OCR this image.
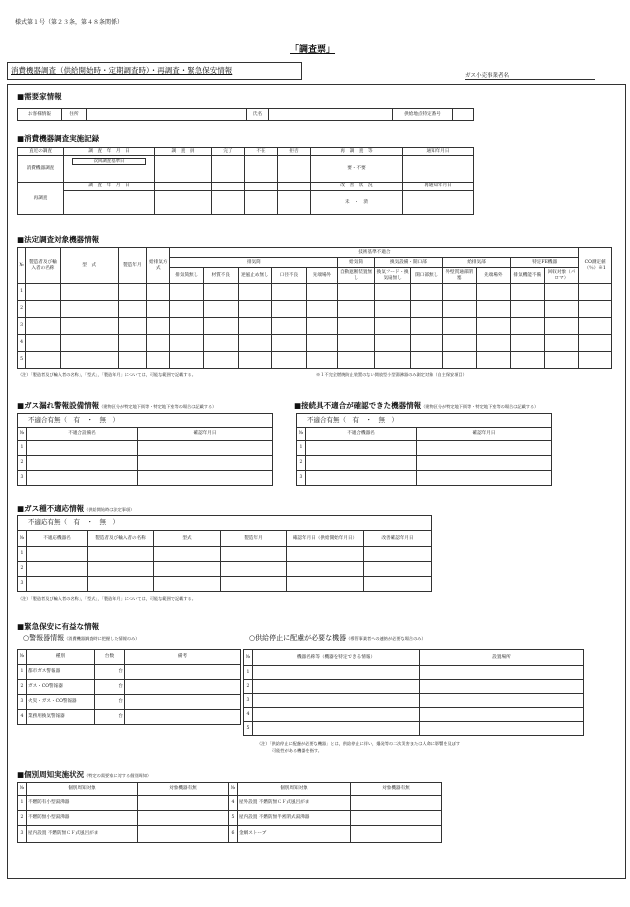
様式第１号（第２３条，第４８条関係）
「調査票」
消費機器調査（供給開始時・定期調査時）・再調査・緊急保安情報
ガス小売事業者名
■需要家情報
お客様情報	住所		氏名		供給地点特定番号	
■消費機器調査実施記録
直近の調査	調　査　年　月　日	調　査　員	完了	不在	拒否	再　調　査　等	通知年月日
消費機器調査	次回調査基準日					要・不要	
再調査	調　査　年　月　日					改　善　状　況	再通知年月日
						未　・　済	
■法定調査対象機器情報
№	製造者及び輸入者の名称	型　式	製造年月	給排気方式	技術基準不適合												CO測定値（％）※1
					排気筒					給気筒	換気設備・開口部		給排気部		特定FE機器		
					排気筒無し	材質不良	逆風止め無し	口径不良	先端場外	自動遮断装置無し	換気フード・換気扇無し	開口部無し	外壁貫通部閉塞	先端場外	排気機能不備	回収対象（パロマ）	
1																	
2																	
3																	
4																	
5																	
（注）「製造者及び輸入者の名称」，「型式」，「製造年月」については，可能な範囲で記載する。	※１不完全燃焼防止装置のない開放型小型湯沸器のみ測定対象（自主保安項目）
■ガス漏れ警報設備情報（建物区分が特定地下街等・特定地下室等の場合は記載する）
不適合有無（　有　・　無　）		
№	不適合設備名	確認年月日
1		
2		
3		
■接続具不適合が確認できた機器情報（建物区分が特定地下街等・特定地下室等の場合は記載する）
不適合有無（　有　・　無　）		
№	不適合機器名	確認年月日
1		
2		
3		
■ガス種不適応情報（供給開始時は法定事項）
不適応有無（　有　・　無　）						
№	不適応機器名	製造者及び輸入者の名称	型式	製造年月	確認年月日（供給開始年月日）	改善確認年月日
1						
2						
3						
（注）「製造者及び輸入者の名称」，「型式」，「製造年月」については，可能な範囲で記載する。
■緊急保安に有益な情報
○警報器情報（消費機器調査時に把握した情報のみ）
№	種別	台数	備考
1	都市ガス警報器	台	
2	ガス・CO警報器	台	
3	火災・ガス・CO警報器	台	
4	業務用換気警報器	台	
○供給停止に配慮が必要な機器（導管事業者への連絡が必要な場合のみ）
№	機器名称等（機器を特定できる情報）	設置場所
1		
2		
3		
4		
5		
（注）「供給停止に配慮が必要な機器」とは，供給停止に伴い，爆発等の二次災害または人命に影響を及ぼす
可能性がある機器を指す。
■個別周知実施状況（特定の需要家に対する個別周知）
№	個別周知対象	対象機器有無	№	個別周知対象	対象機器有無
1	不燃防有小型湯沸器		4	屋外設置 不燃防無ＣＦ式風呂がま	
2	不燃防無小型湯沸器		5	屋内設置 不燃防無半密閉式湯沸器	
3	屋内設置 不燃防無ＣＦ式風呂がま		6	金網ストーブ	
